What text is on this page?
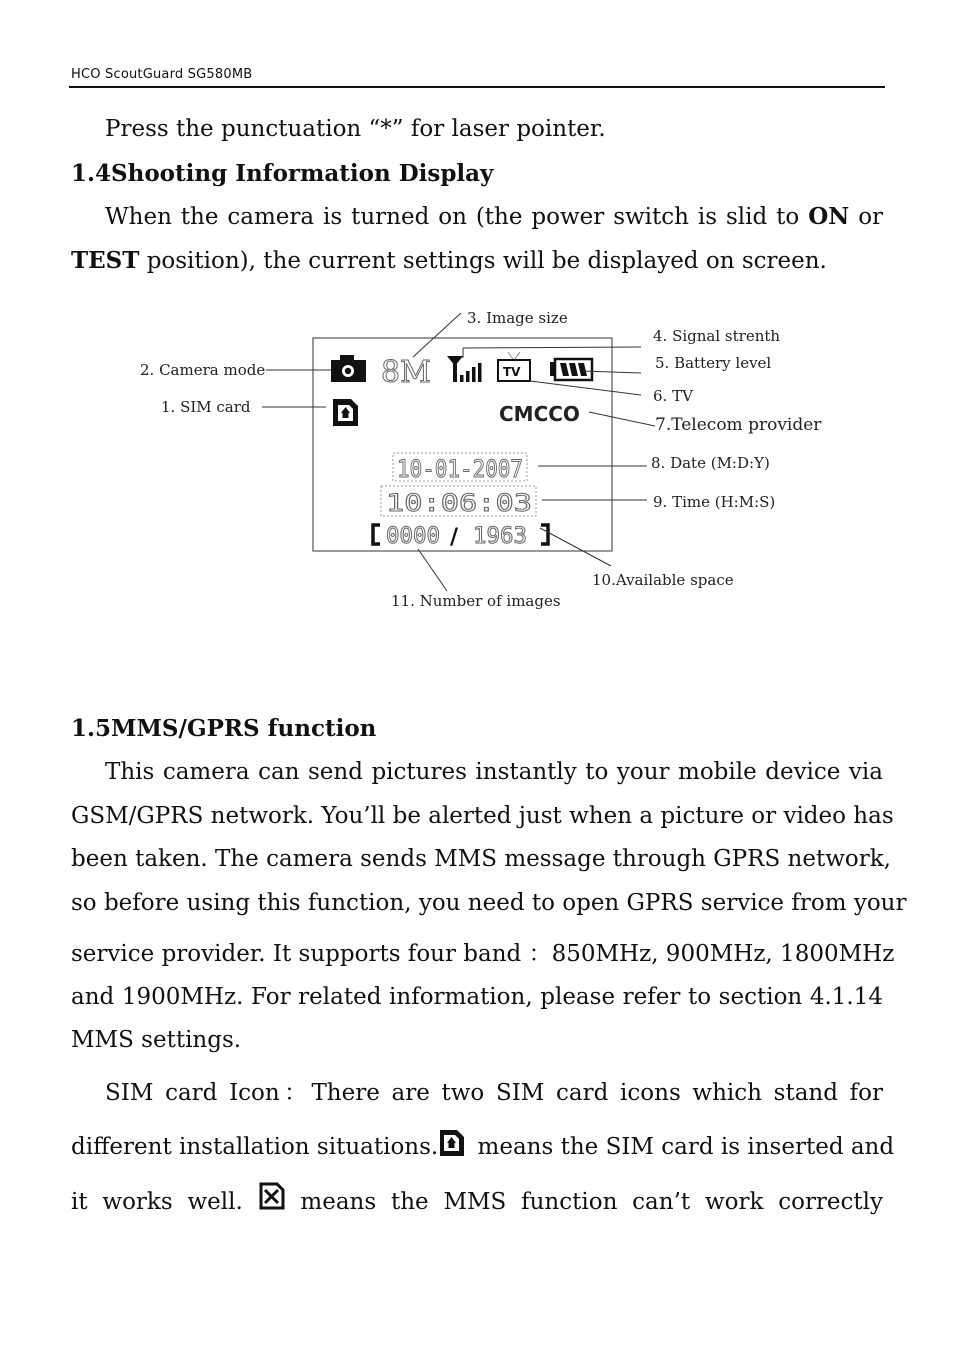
HCO ScoutGuard SG580MB
Press the punctuation “*” for laser pointer.
1.4Shooting Information Display
When the camera is turned on (the power switch is slid to ON or
TEST position), the current settings will be displayed on screen.
8M	TV
CMCCO
10-01-2007
10:06:03
0000 / 1963
3. Image size
4. Signal strenth
5. Battery level
2. Camera mode
1. SIM card
6. TV
7.Telecom provider
8. Date (M:D:Y)
9. Time (H:M:S)
10.Available space
11. Number of images
1.5MMS/GPRS function
This camera can send pictures instantly to your mobile device via
GSM/GPRS network. You’ll be alerted just when a picture or video has
been taken. The camera sends MMS message through GPRS network,
so before using this function, you need to open GPRS service from your
service provider. It supports four band ：850MHz, 900MHz, 1800MHz
and 1900MHz. For related information, please refer to section 4.1.14
MMS settings.
SIM card Icon：There are two SIM card icons which stand for
different installation situations. means the SIM card is inserted and
it works well.	means the MMS function can’t work correctly
